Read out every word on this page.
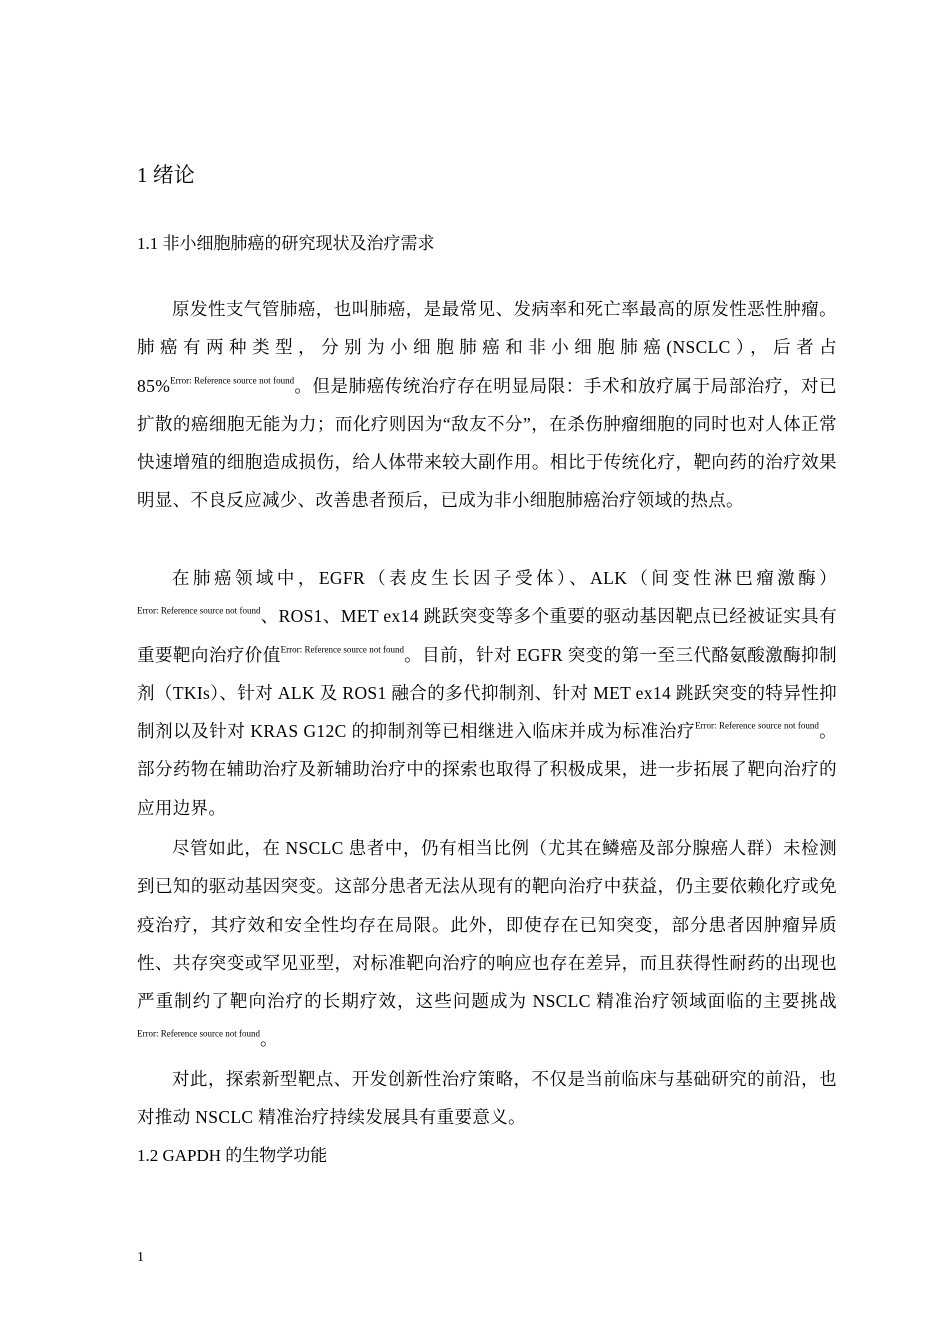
1 绪论
1.1 非小细胞肺癌的研究现状及治疗需求

原发性支气管肺癌，也叫肺癌，是最常见、发病率和死亡率最高的原发性恶性肿瘤。肺癌有两种类型，分别为小细胞肺癌和非小细胞肺癌(NSCLC），后者占 85%$^{Error: Reference source not found}$。但是肺癌传统治疗存在明显局限：手术和放疗属于局部治疗，对已扩散的癌细胞无能为力；而化疗则因为“敌友不分”，在杀伤肿瘤细胞的同时也对人体正常快速增殖的细胞造成损伤，给人体带来较大副作用。相比于传统化疗，靶向药的治疗效果明显、不良反应减少、改善患者预后，已成为非小细胞肺癌治疗领域的热点。

在肺癌领域中，EGFR（表皮生长因子受体）、ALK（间变性淋巴瘤激酶）$^{Error: Reference source not found}$、ROS1、MET ex14 跳跃突变等多个重要的驱动基因靶点已经被证实具有重要靶向治疗价值$^{Error: Reference source not found}$。目前，针对 EGFR 突变的第一至三代酪氨酸激酶抑制剂（TKIs）、针对 ALK 及 ROS1 融合的多代抑制剂、针对 MET ex14 跳跃突变的特异性抑制剂以及针对 KRAS G12C 的抑制剂等已相继进入临床并成为标准治疗$^{Error: Reference source not found}$。部分药物在辅助治疗及新辅助治疗中的探索也取得了积极成果，进一步拓展了靶向治疗的应用边界。

尽管如此，在 NSCLC 患者中，仍有相当比例（尤其在鳞癌及部分腺癌人群）未检测到已知的驱动基因突变。这部分患者无法从现有的靶向治疗中获益，仍主要依赖化疗或免疫治疗，其疗效和安全性均存在局限。此外，即使存在已知突变，部分患者因肿瘤异质性、共存突变或罕见亚型，对标准靶向治疗的响应也存在差异，而且获得性耐药的出现也严重制约了靶向治疗的长期疗效，这些问题成为 NSCLC 精准治疗领域面临的主要挑战$^{Error: Reference source not found}$。

对此，探索新型靶点、开发创新性治疗策略，不仅是当前临床与基础研究的前沿，也对推动 NSCLC 精准治疗持续发展具有重要意义。

1.2 GAPDH 的生物学功能
1
